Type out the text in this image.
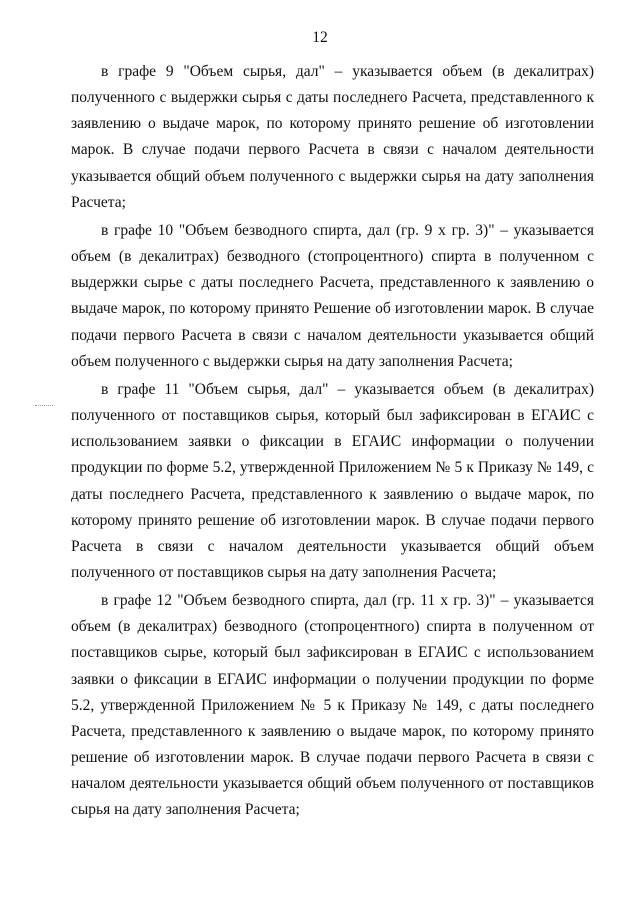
12

в графе 9 "Объем сырья, дал" – указывается объем (в декалитрах) полученного с выдержки сырья с даты последнего Расчета, представленного к заявлению о выдаче марок, по которому принято решение об изготовлении марок. В случае подачи первого Расчета в связи с началом деятельности указывается общий объем полученного с выдержки сырья на дату заполнения Расчета;

в графе 10 "Объем безводного спирта, дал (гр. 9 х гр. 3)" – указывается объем (в декалитрах) безводного (стопроцентного) спирта в полученном с выдержки сырье с даты последнего Расчета, представленного к заявлению о выдаче марок, по которому принято Решение об изготовлении марок. В случае подачи первого Расчета в связи с началом деятельности указывается общий объем полученного с выдержки сырья на дату заполнения Расчета;

в графе 11 "Объем сырья, дал" – указывается объем (в декалитрах) полученного от поставщиков сырья, который был зафиксирован в ЕГАИС с использованием заявки о фиксации в ЕГАИС информации о получении продукции по форме 5.2, утвержденной Приложением № 5 к Приказу № 149, с даты последнего Расчета, представленного к заявлению о выдаче марок, по которому принято решение об изготовлении марок. В случае подачи первого Расчета в связи с началом деятельности указывается общий объем полученного от поставщиков сырья на дату заполнения Расчета;

в графе 12 "Объем безводного спирта, дал (гр. 11 х гр. 3)" – указывается объем (в декалитрах) безводного (стопроцентного) спирта в полученном от поставщиков сырье, который был зафиксирован в ЕГАИС с использованием заявки о фиксации в ЕГАИС информации о получении продукции по форме 5.2, утвержденной Приложением № 5 к Приказу № 149, с даты последнего Расчета, представленного к заявлению о выдаче марок, по которому принято решение об изготовлении марок. В случае подачи первого Расчета в связи с началом деятельности указывается общий объем полученного от поставщиков сырья на дату заполнения Расчета;
